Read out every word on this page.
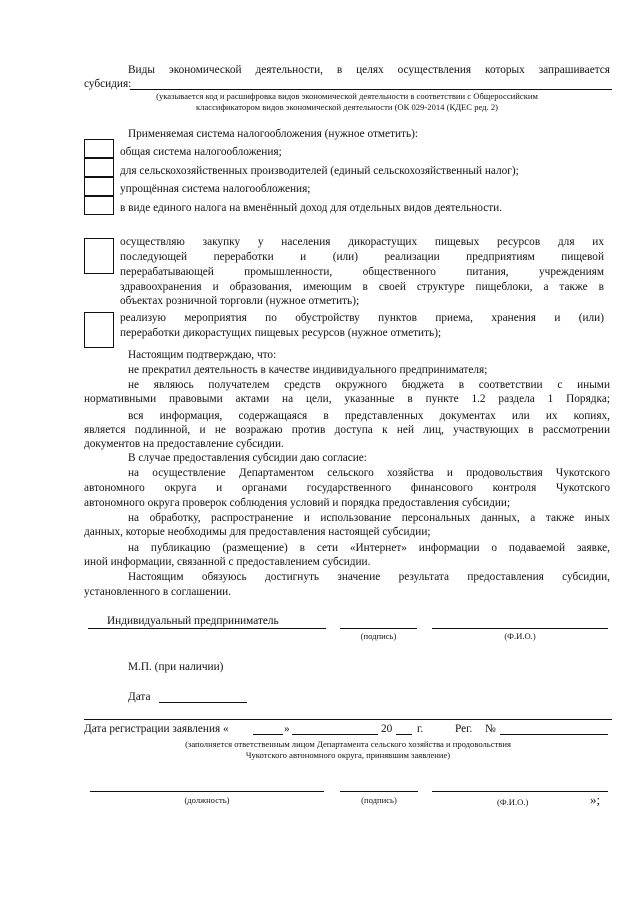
Виды экономической деятельности, в целях осуществления которых запрашивается
субсидия:
(указывается код и расшифровка видов экономической деятельности в соответствии с Общероссийским
классификатором видов экономической деятельности (ОК 029-2014 (КДЕС ред. 2)
Применяемая система налогообложения (нужное отметить):
общая система налогообложения;
для сельскохозяйственных производителей (единый сельскохозяйственный налог);
упрощённая система налогообложения;
в виде единого налога на вменённый доход для отдельных видов деятельности.
осуществляю закупку у населения дикорастущих пищевых ресурсов для их
последующей переработки и (или) реализации предприятиям пищевой
перерабатывающей промышленности, общественного питания, учреждениям
здравоохранения и образования, имеющим в своей структуре пищеблоки, а также в
объектах розничной торговли (нужное отметить);
реализую мероприятия по обустройству пунктов приема, хранения и (или)
переработки дикорастущих пищевых ресурсов (нужное отметить);
Настоящим подтверждаю, что:
не прекратил деятельность в качестве индивидуального предпринимателя;
не являюсь получателем средств окружного бюджета в соответствии с иными
нормативными правовыми актами на цели, указанные в пункте 1.2 раздела 1 Порядка;
вся информация, содержащаяся в представленных документах или их копиях,
является подлинной, и не возражаю против доступа к ней лиц, участвующих в рассмотрении
документов на предоставление субсидии.
В случае предоставления субсидии даю согласие:
на осуществление Департаментом сельского хозяйства и продовольствия Чукотского
автономного округа и органами государственного финансового контроля Чукотского
автономного округа проверок соблюдения условий и порядка предоставления субсидии;
на обработку, распространение и использование персональных данных, а также иных
данных, которые необходимы для предоставления настоящей субсидии;
на публикацию (размещение) в сети «Интернет» информации о подаваемой заявке,
иной информации, связанной с предоставлением субсидии.
Настоящим обязуюсь достигнуть значение результата предоставления субсидии,
установленного в соглашении.
Индивидуальный предприниматель
(подпись)	(Ф.И.О.)
М.П. (при наличии)
Дата
Дата регистрации заявления «	»	20 г.	Рег. №
(заполняется ответственным лицом Департамента сельского хозяйства и продовольствия
Чукотского автономного округа, принявшим заявление)
(должность)	(подпись)	(Ф.И.О.)	»;
